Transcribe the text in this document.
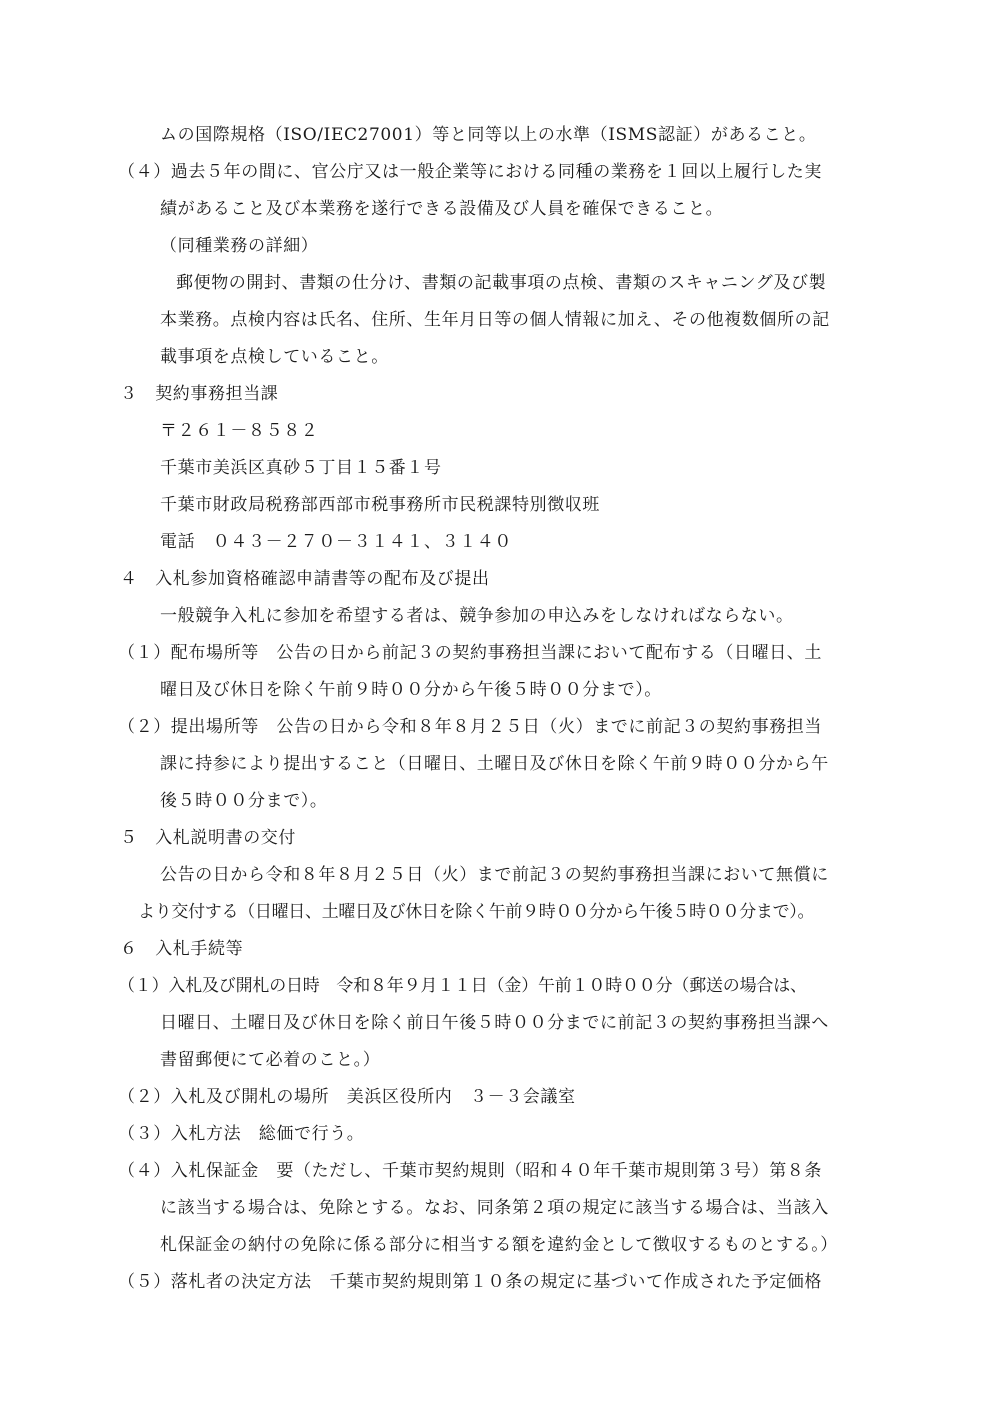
ムの国際規格（ISO/IEC27001）等と同等以上の水準（ISMS認証）があること。
（４）過去５年の間に、官公庁又は一般企業等における同種の業務を１回以上履行した実
績があること及び本業務を遂行できる設備及び人員を確保できること。
（同種業務の詳細）
郵便物の開封、書類の仕分け、書類の記載事項の点検、書類のスキャニング及び製
本業務。点検内容は氏名、住所、生年月日等の個人情報に加え、その他複数個所の記
載事項を点検していること。
３　契約事務担当課
〒２６１－８５８２
千葉市美浜区真砂５丁目１５番１号
千葉市財政局税務部西部市税事務所市民税課特別徴収班
電話　０４３－２７０－３１４１、３１４０
４　入札参加資格確認申請書等の配布及び提出
一般競争入札に参加を希望する者は、競争参加の申込みをしなければならない。
（１）配布場所等　公告の日から前記３の契約事務担当課において配布する（日曜日、土
曜日及び休日を除く午前９時００分から午後５時００分まで）。
（２）提出場所等　公告の日から令和８年８月２５日（火）までに前記３の契約事務担当
課に持参により提出すること（日曜日、土曜日及び休日を除く午前９時００分から午
後５時００分まで）。
５　入札説明書の交付
公告の日から令和８年８月２５日（火）まで前記３の契約事務担当課において無償に
より交付する（日曜日、土曜日及び休日を除く午前９時００分から午後５時００分まで）。
６　入札手続等
（１）入札及び開札の日時　令和８年９月１１日（金）午前１０時００分（郵送の場合は、
日曜日、土曜日及び休日を除く前日午後５時００分までに前記３の契約事務担当課へ
書留郵便にて必着のこと。）
（２）入札及び開札の場所　美浜区役所内　３－３会議室
（３）入札方法　総価で行う。
（４）入札保証金　要（ただし、千葉市契約規則（昭和４０年千葉市規則第３号）第８条
に該当する場合は、免除とする。なお、同条第２項の規定に該当する場合は、当該入
札保証金の納付の免除に係る部分に相当する額を違約金として徴収するものとする。）
（５）落札者の決定方法　千葉市契約規則第１０条の規定に基づいて作成された予定価格
